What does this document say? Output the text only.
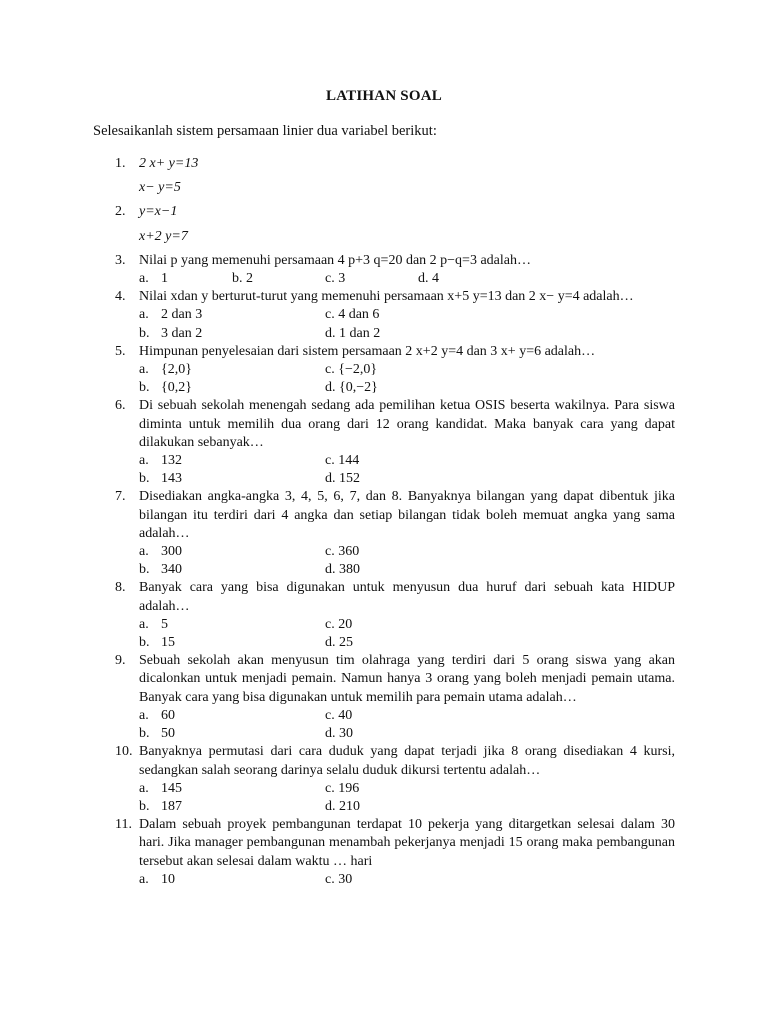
LATIHAN SOAL
Selesaikanlah sistem persamaan linier dua variabel berikut:
1. 2 x+ y=13
x− y=5
2. y=x−1
x+2 y=7
3. Nilai p yang memenuhi persamaan 4 p+3 q=20 dan 2 p−q=3 adalah…
a. 1	b. 2	c. 3	d. 4
4. Nilai xdan y berturut-turut yang memenuhi persamaan x+5 y=13 dan 2 x− y=4 adalah…
a. 2 dan 3	c. 4 dan 6
b. 3 dan 2	d. 1 dan 2
5. Himpunan penyelesaian dari sistem persamaan 2 x+2 y=4 dan 3 x+ y=6 adalah…
a. {2,0}	c. {−2,0}
b. {0,2}	d. {0,−2}
6. Di sebuah sekolah menengah sedang ada pemilihan ketua OSIS beserta wakilnya. Para siswa diminta untuk memilih dua orang dari 12 orang kandidat. Maka banyak cara yang dapat dilakukan sebanyak…
a. 132	c. 144
b. 143	d. 152
7. Disediakan angka-angka 3, 4, 5, 6, 7, dan 8. Banyaknya bilangan yang dapat dibentuk jika bilangan itu terdiri dari 4 angka dan setiap bilangan tidak boleh memuat angka yang sama adalah…
a. 300	c. 360
b. 340	d. 380
8. Banyak cara yang bisa digunakan untuk menyusun dua huruf dari sebuah kata HIDUP adalah…
a. 5	c. 20
b. 15	d. 25
9. Sebuah sekolah akan menyusun tim olahraga yang terdiri dari 5 orang siswa yang akan dicalonkan untuk menjadi pemain. Namun hanya 3 orang yang boleh menjadi pemain utama. Banyak cara yang bisa digunakan untuk memilih para pemain utama adalah…
a. 60	c. 40
b. 50	d. 30
10. Banyaknya permutasi dari cara duduk yang dapat terjadi jika 8 orang disediakan 4 kursi, sedangkan salah seorang darinya selalu duduk dikursi tertentu adalah…
a. 145	c. 196
b. 187	d. 210
11. Dalam sebuah proyek pembangunan terdapat 10 pekerja yang ditargetkan selesai dalam 30 hari. Jika manager pembangunan menambah pekerjanya menjadi 15 orang maka pembangunan tersebut akan selesai dalam waktu … hari
a. 10	c. 30
